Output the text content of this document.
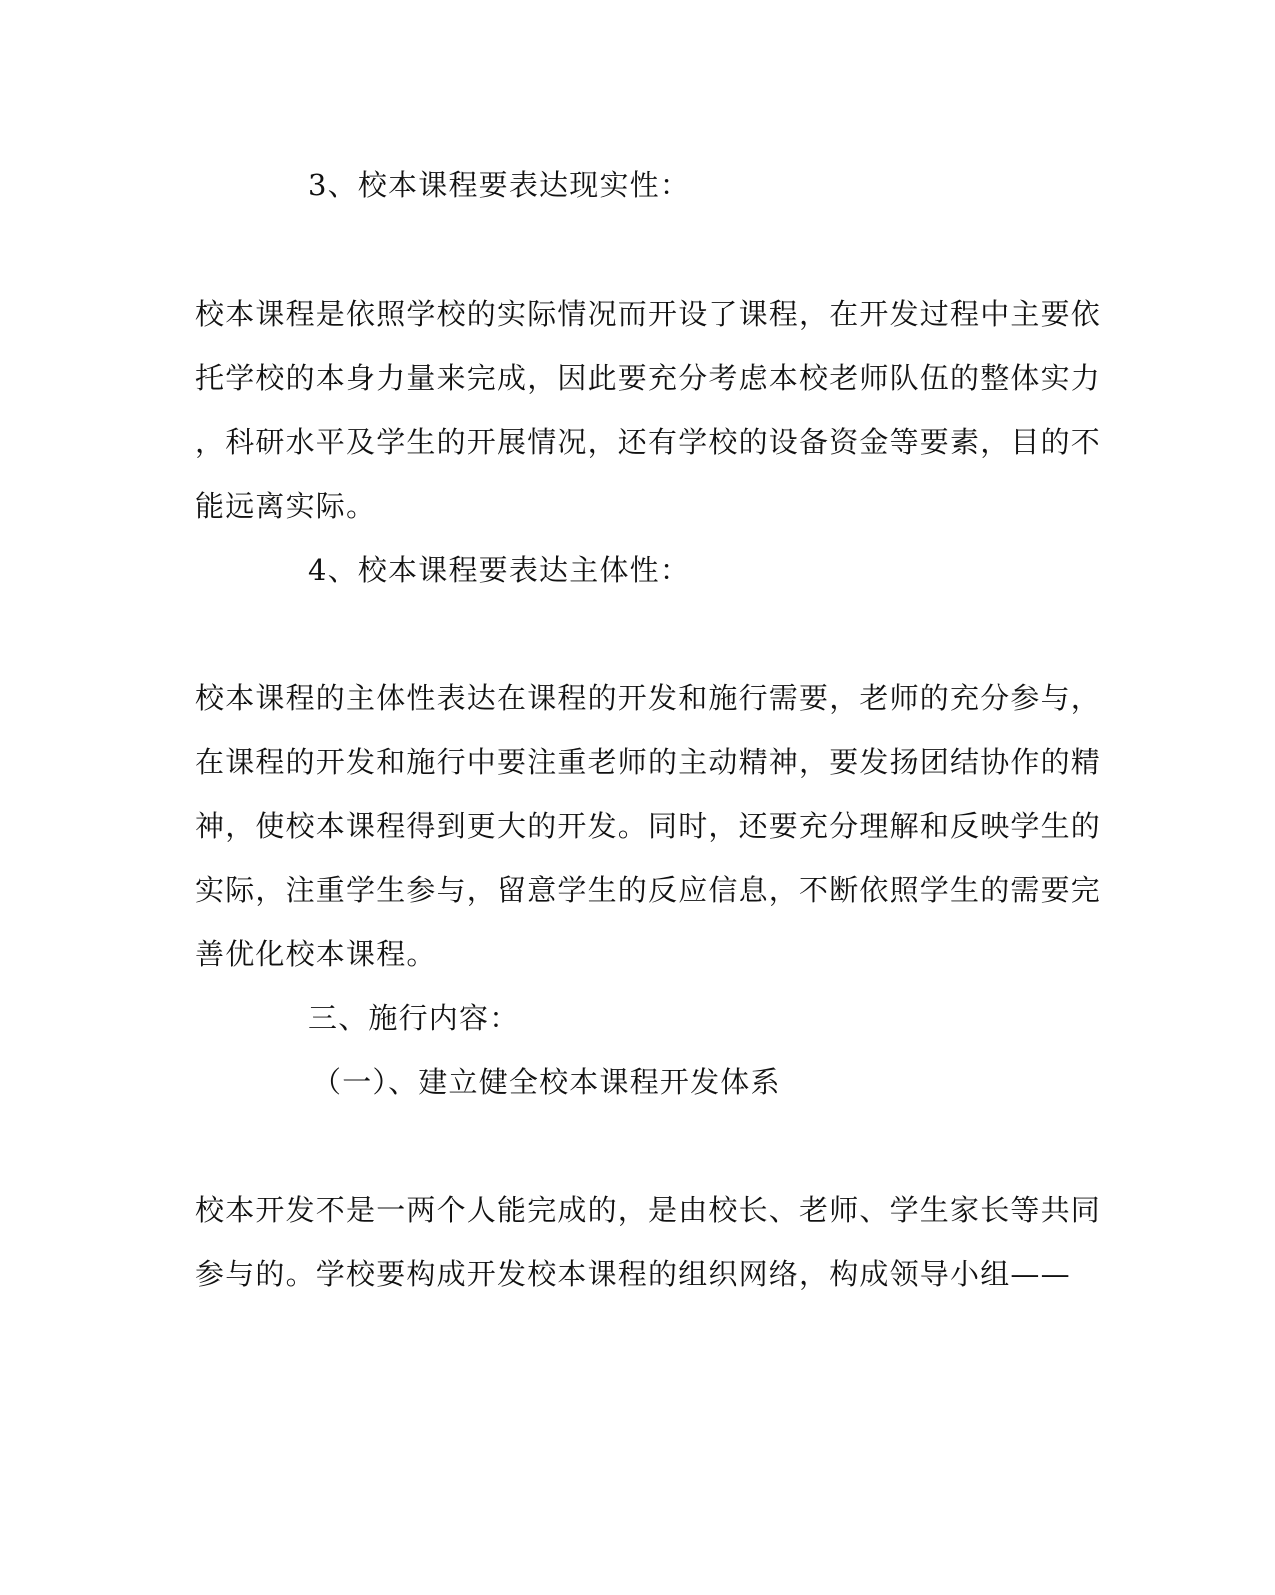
3、校本课程要表达现实性：
校本课程是依照学校的实际情况而开设了课程，在开发过程中主要依
托学校的本身力量来完成，因此要充分考虑本校老师队伍的整体实力
，科研水平及学生的开展情况，还有学校的设备资金等要素，目的不
能远离实际。
4、校本课程要表达主体性：
校本课程的主体性表达在课程的开发和施行需要，老师的充分参与，
在课程的开发和施行中要注重老师的主动精神，要发扬团结协作的精
神，使校本课程得到更大的开发。同时，还要充分理解和反映学生的
实际，注重学生参与，留意学生的反应信息，不断依照学生的需要完
善优化校本课程。
三、施行内容：
（一）、建立健全校本课程开发体系
校本开发不是一两个人能完成的，是由校长、老师、学生家长等共同
参与的。学校要构成开发校本课程的组织网络，构成领导小组——
